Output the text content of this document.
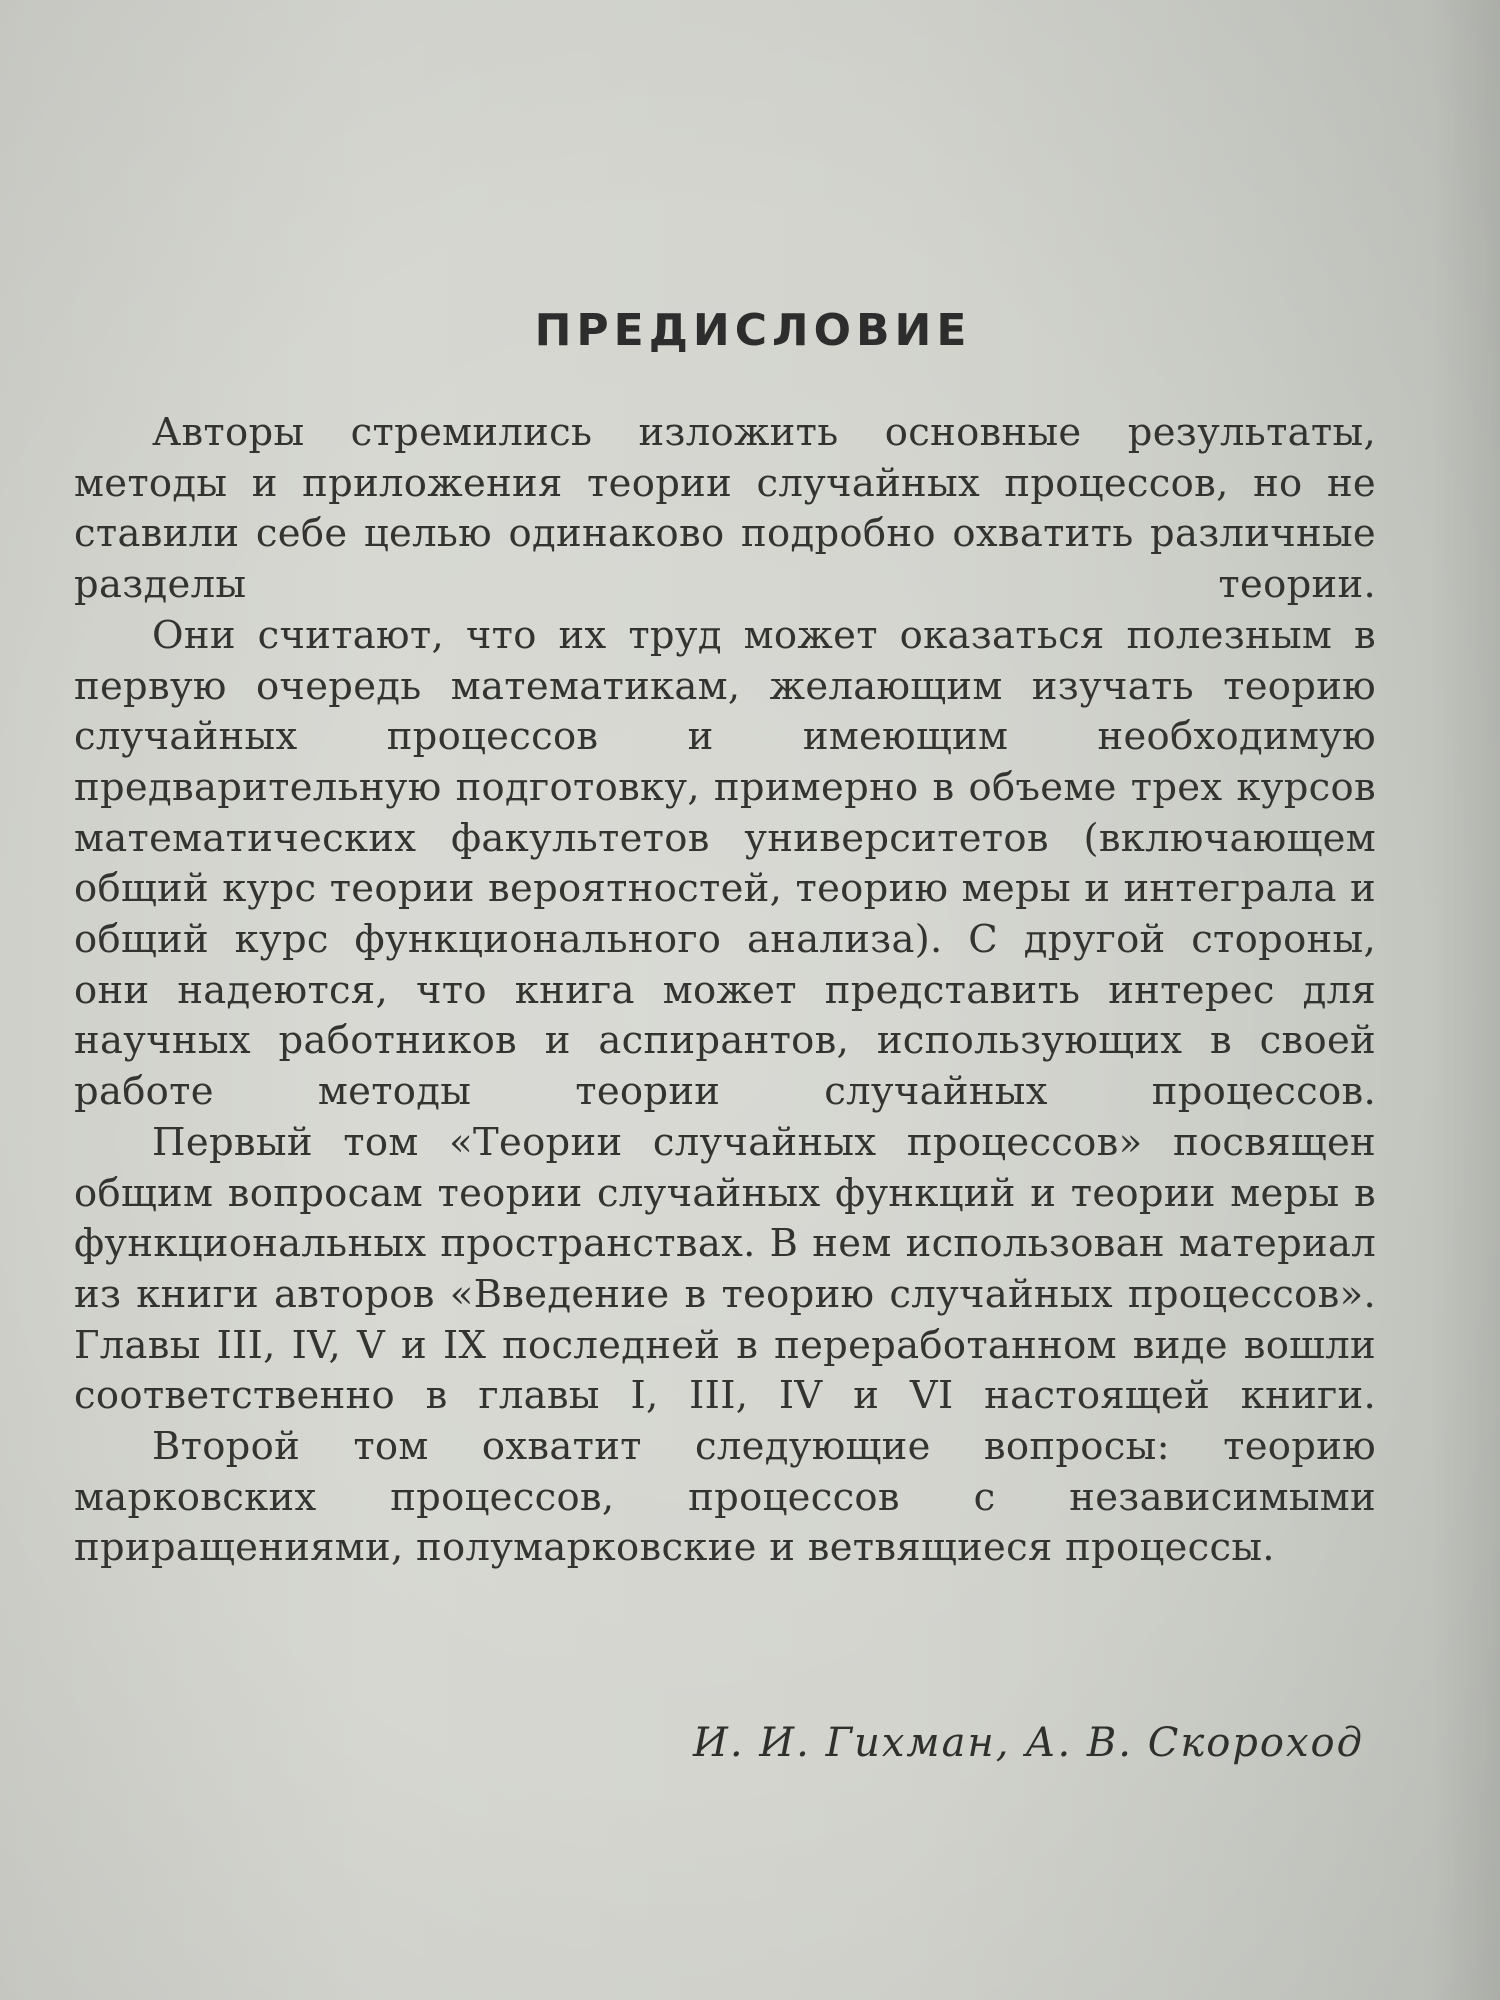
ПРЕДИСЛОВИЕ

Авторы стремились изложить основные результаты, методы и приложения теории случайных процессов, но не ставили себе целью одинаково подробно охватить различные разделы теории.

Они считают, что их труд может оказаться полезным в первую очередь математикам, желающим изучать теорию случайных процессов и имеющим необходимую предварительную подготовку, примерно в объеме трех курсов математических факультетов университетов (включающем общий курс теории вероятностей, теорию меры и интеграла и общий курс функционального анализа). С другой стороны, они надеются, что книга может представить интерес для научных работников и аспирантов, использующих в своей работе методы теории случайных процессов.

Первый том «Теории случайных процессов» посвящен общим вопросам теории случайных функций и теории меры в функциональных пространствах. В нем использован материал из книги авторов «Введение в теорию случайных процессов». Главы III, IV, V и IX последней в переработанном виде вошли соответственно в главы I, III, IV и VI настоящей книги.

Второй том охватит следующие вопросы: теорию марковских процессов, процессов с независимыми приращениями, полумарковские и ветвящиеся процессы.

И. И. Гихман, А. В. Скороход
